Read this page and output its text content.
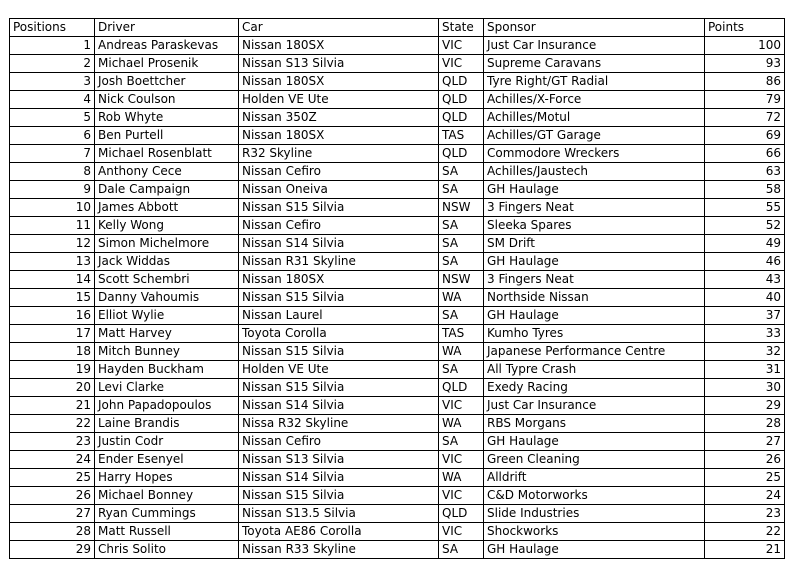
Positions	Driver	Car	State	Sponsor	Points
1	Andreas Paraskevas	Nissan 180SX	VIC	Just Car Insurance	100
2	Michael Prosenik	Nissan S13 Silvia	VIC	Supreme Caravans	93
3	Josh Boettcher	Nissan 180SX	QLD	Tyre Right/GT Radial	86
4	Nick Coulson	Holden VE Ute	QLD	Achilles/X-Force	79
5	Rob Whyte	Nissan 350Z	QLD	Achilles/Motul	72
6	Ben Purtell	Nissan 180SX	TAS	Achilles/GT Garage	69
7	Michael Rosenblatt	R32 Skyline	QLD	Commodore Wreckers	66
8	Anthony Cece	Nissan Cefiro	SA	Achilles/Jaustech	63
9	Dale Campaign	Nissan Oneiva	SA	GH Haulage	58
10	James Abbott	Nissan S15 Silvia	NSW	3 Fingers Neat	55
11	Kelly Wong	Nissan Cefiro	SA	Sleeka Spares	52
12	Simon Michelmore	Nissan S14 Silvia	SA	SM Drift	49
13	Jack Widdas	Nissan R31 Skyline	SA	GH Haulage	46
14	Scott Schembri	Nissan 180SX	NSW	3 Fingers Neat	43
15	Danny Vahoumis	Nissan S15 Silvia	WA	Northside Nissan	40
16	Elliot Wylie	Nissan Laurel	SA	GH Haulage	37
17	Matt Harvey	Toyota Corolla	TAS	Kumho Tyres	33
18	Mitch Bunney	Nissan S15 Silvia	WA	Japanese Performance Centre	32
19	Hayden Buckham	Holden VE Ute	SA	All Typre Crash	31
20	Levi Clarke	Nissan S15 Silvia	QLD	Exedy Racing	30
21	John Papadopoulos	Nissan S14 Silvia	VIC	Just Car Insurance	29
22	Laine Brandis	Nissa R32 Skyline	WA	RBS Morgans	28
23	Justin Codr	Nissan Cefiro	SA	GH Haulage	27
24	Ender Esenyel	Nissan S13 Silvia	VIC	Green Cleaning	26
25	Harry Hopes	Nissan S14 Silvia	WA	Alldrift	25
26	Michael Bonney	Nissan S15 Silvia	VIC	C&D Motorworks	24
27	Ryan Cummings	Nissan S13.5 Silvia	QLD	Slide Industries	23
28	Matt Russell	Toyota AE86 Corolla	VIC	Shockworks	22
29	Chris Solito	Nissan R33 Skyline	SA	GH Haulage	21
